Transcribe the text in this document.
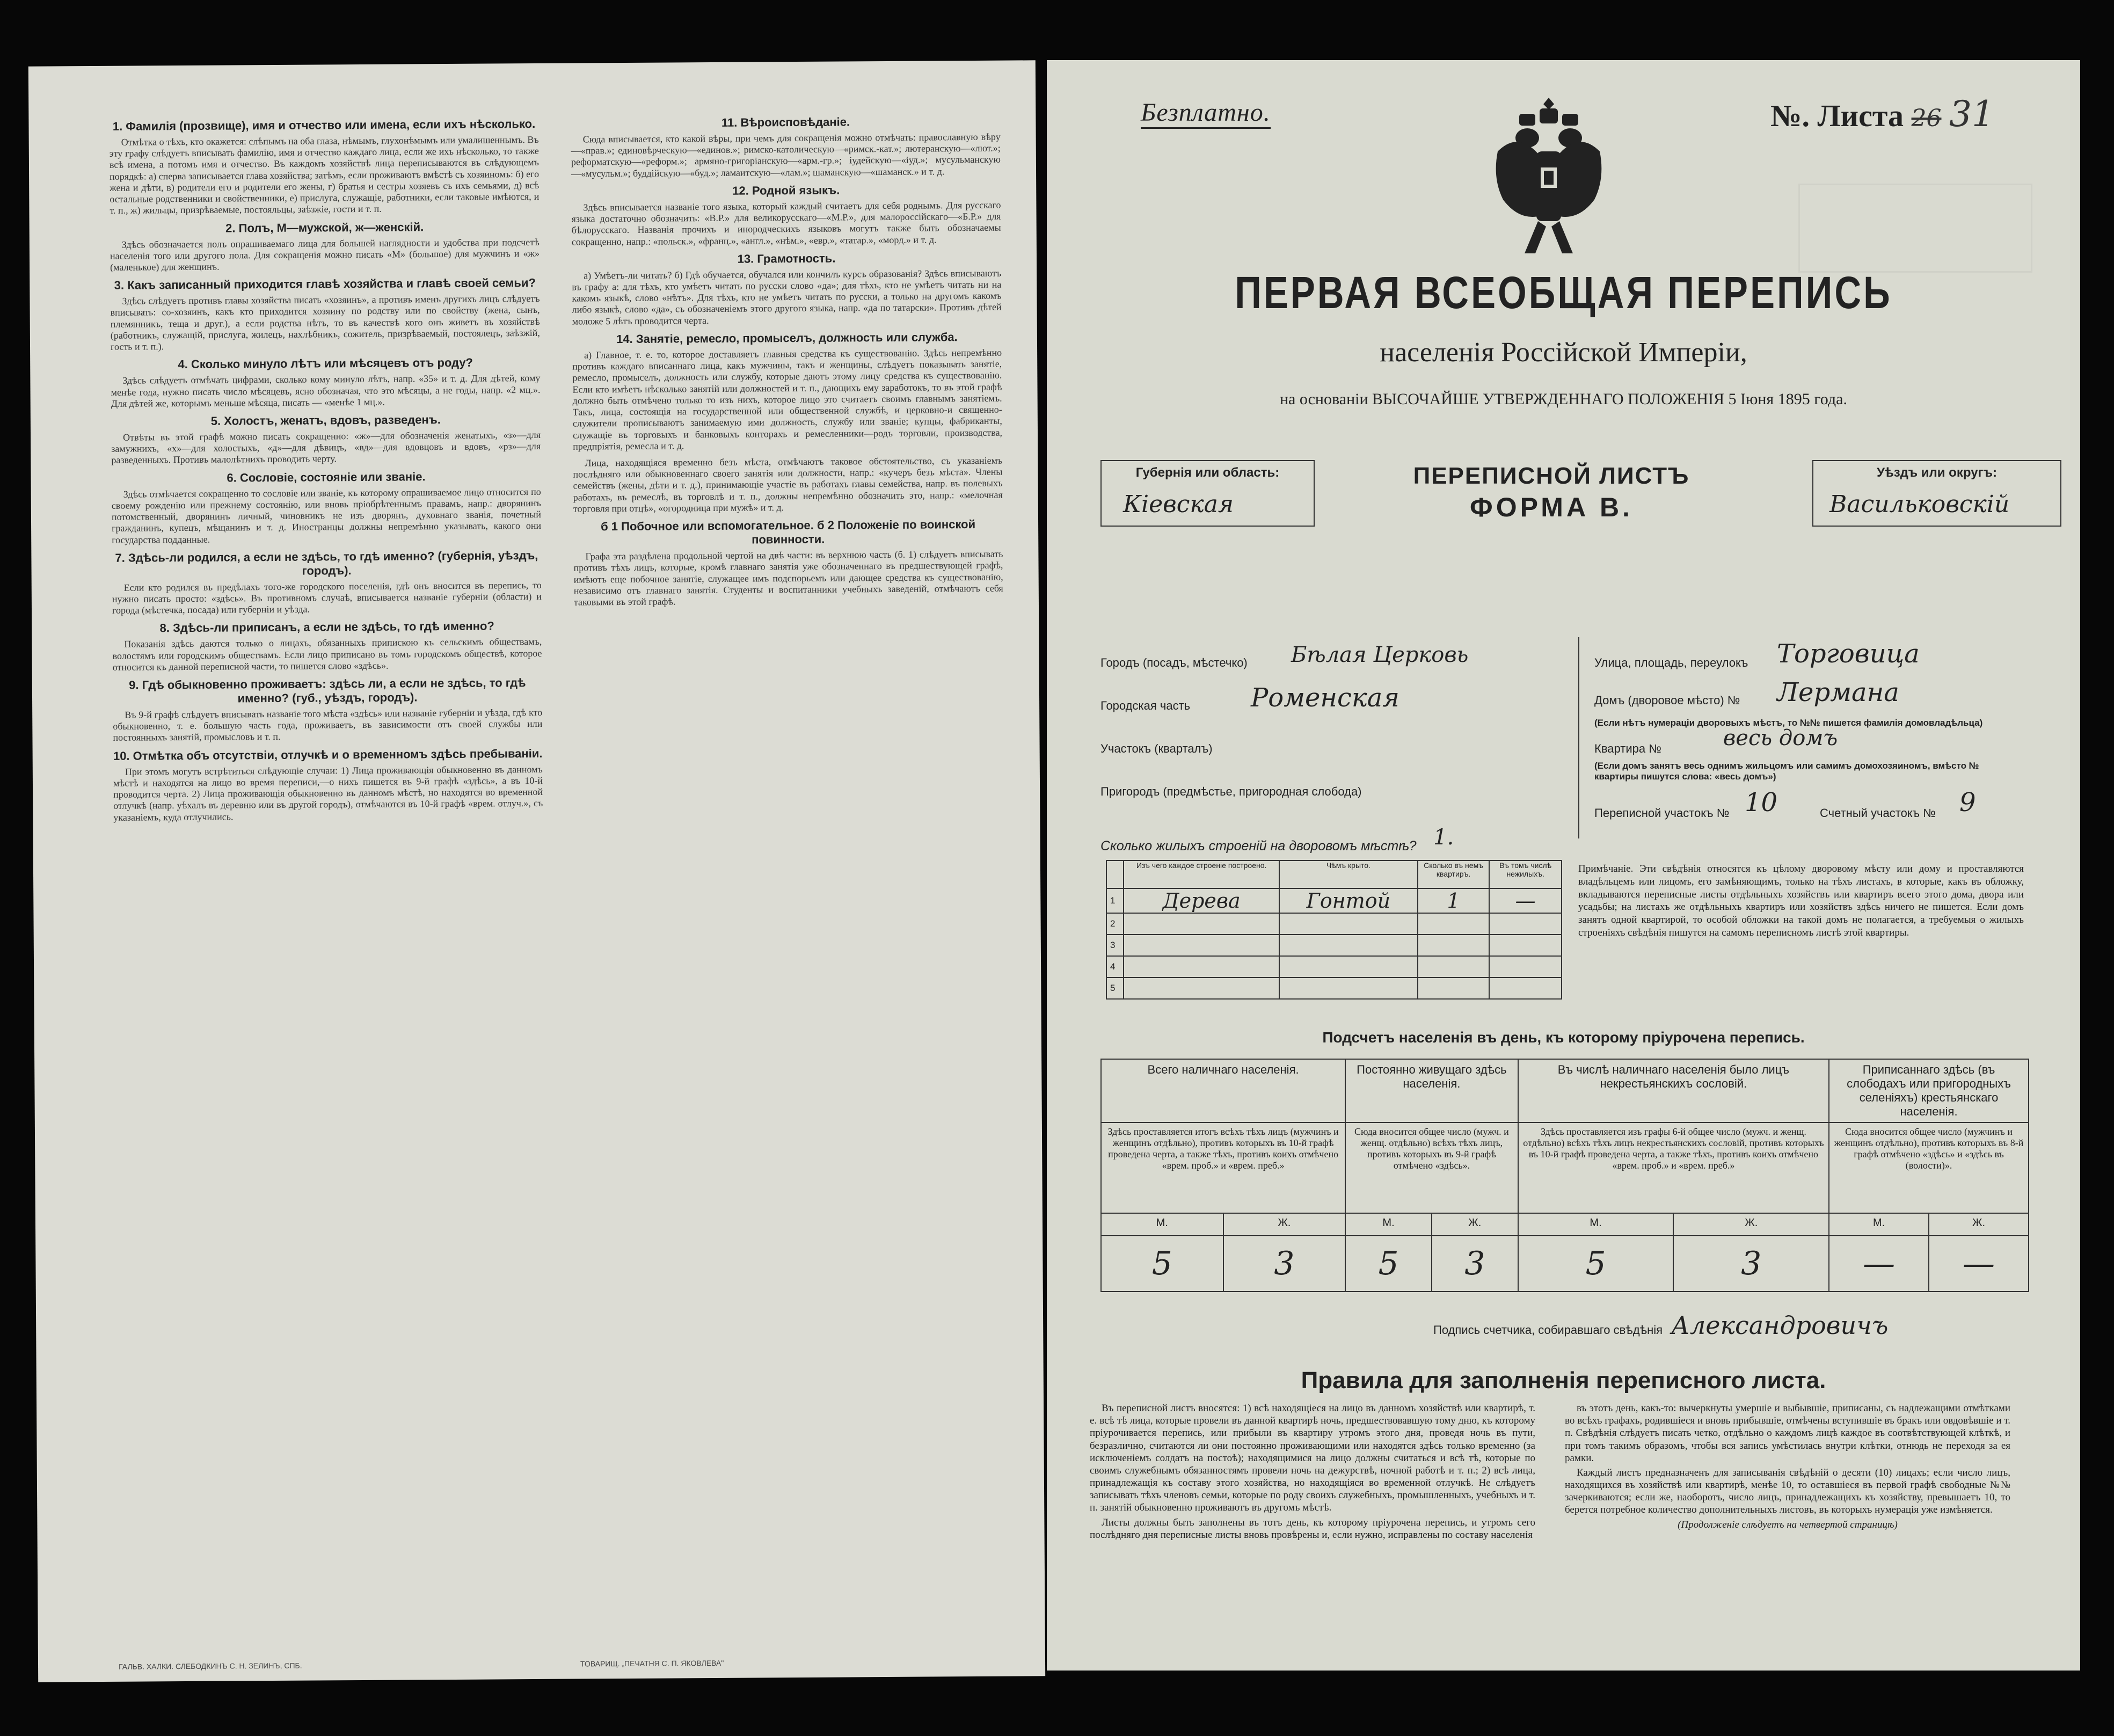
1. Фамилія (прозвище), имя и отчество или имена, если ихъ нѣсколько.

Отмѣтка о тѣхъ, кто окажется: слѣпымъ на оба глаза, нѣмымъ, глухонѣмымъ или умалишеннымъ. Въ эту графу слѣдуетъ вписывать фамилію, имя и отчество каждаго лица, если же ихъ нѣсколько, то также всѣ имена, а потомъ имя и отчество. Въ каждомъ хозяйствѣ лица переписываются въ слѣдующемъ порядкѣ: а) сперва записывается глава хозяйства; затѣмъ, если проживаютъ вмѣстѣ съ хозяиномъ: б) его жена и дѣти, в) родители его и родители его жены, г) братья и сестры хозяевъ съ ихъ семьями, д) всѣ остальные родственники и свойственники, е) прислуга, служащіе, работники, если таковые имѣются, и т. п., ж) жильцы, призрѣваемые, постояльцы, заѣзжіе, гости и т. п.

2. Полъ, М—мужской, ж—женскій.

Здѣсь обозначается полъ опрашиваемаго лица для большей наглядности и удобства при подсчетѣ населенія того или другого пола. Для сокращенія можно писать «М» (большое) для мужчинъ и «ж» (маленькое) для женщинъ.

3. Какъ записанный приходится главѣ хозяйства и главѣ своей семьи?

Здѣсь слѣдуетъ противъ главы хозяйства писать «хозяинъ», а противъ именъ другихъ лицъ слѣдуетъ вписывать: со-хозяинъ, какъ кто приходится хозяину по родству или по свойству (жена, сынъ, племянникъ, теща и друг.), а если родства нѣтъ, то въ качествѣ кого онъ живетъ въ хозяйствѣ (работникъ, служащій, прислуга, жилецъ, нахлѣбникъ, сожитель, призрѣваемый, постоялецъ, заѣзжій, гость и т. п.).

4. Сколько минуло лѣтъ или мѣсяцевъ отъ роду?

Здѣсь слѣдуетъ отмѣчать цифрами, сколько кому минуло лѣтъ, напр. «35» и т. д. Для дѣтей, кому менѣе года, нужно писать число мѣсяцевъ, ясно обозначая, что это мѣсяцы, а не годы, напр. «2 мц.». Для дѣтей же, которымъ меньше мѣсяца, писать — «менѣе 1 мц.».

5. Холостъ, женатъ, вдовъ, разведенъ.

Отвѣты въ этой графѣ можно писать сокращенно: «ж»—для обозначенія женатыхъ, «з»—для замужнихъ, «х»—для холостыхъ, «д»—для дѣвицъ, «вд»—для вдовцовъ и вдовъ, «рз»—для разведенныхъ. Противъ малолѣтнихъ проводить черту.

6. Сословіе, состояніе или званіе.

Здѣсь отмѣчается сокращенно то сословіе или званіе, къ которому опрашиваемое лицо относится по своему рожденію или прежнему состоянію, или вновь пріобрѣтеннымъ правамъ, напр.: дворянинъ потомственный, дворянинъ личный, чиновникъ не изъ дворянъ, духовнаго званія, почетный гражданинъ, купецъ, мѣщанинъ и т. д. Иностранцы должны непремѣнно указывать, какого они государства подданные.

7. Здѣсь-ли родился, а если не здѣсь, то гдѣ именно? (губернія, уѣздъ, городъ).

Если кто родился въ предѣлахъ того-же городского поселенія, гдѣ онъ вносится въ перепись, то нужно писать просто: «здѣсь». Въ противномъ случаѣ, вписывается названіе губерніи (области) и города (мѣстечка, посада) или губерніи и уѣзда.

8. Здѣсь-ли приписанъ, а если не здѣсь, то гдѣ именно?

Показанія здѣсь даются только о лицахъ, обязанныхъ припискою къ сельскимъ обществамъ, волостямъ или городскимъ обществамъ. Если лицо приписано въ томъ городскомъ обществѣ, которое относится къ данной переписной части, то пишется слово «здѣсь».

9. Гдѣ обыкновенно проживаетъ: здѣсь ли, а если не здѣсь, то гдѣ именно? (губ., уѣздъ, городъ).

Въ 9-й графѣ слѣдуетъ вписывать названіе того мѣста «здѣсь» или названіе губерніи и уѣзда, гдѣ кто обыкновенно, т. е. большую часть года, проживаетъ, въ зависимости отъ своей службы или постоянныхъ занятій, промысловъ и т. п.

10. Отмѣтка объ отсутствіи, отлучкѣ и о временномъ здѣсь пребываніи.

При этомъ могутъ встрѣтиться слѣдующіе случаи: 1) Лица проживающія обыкновенно въ данномъ мѣстѣ и находятся на лицо во время переписи,—о нихъ пишется въ 9-й графѣ «здѣсь», а въ 10-й проводится черта. 2) Лица проживающія обыкновенно въ данномъ мѣстѣ, но находятся во временной отлучкѣ (напр. уѣхалъ въ деревню или въ другой городъ), отмѣчаются въ 10-й графѣ «врем. отлуч.», съ указаніемъ, куда отлучились.

11. Вѣроисповѣданіе.

Сюда вписывается, кто какой вѣры, при чемъ для сокращенія можно отмѣчать: православную вѣру—«прав.»; единовѣрческую—«единов.»; римско-католическую—«римск.-кат.»; лютеранскую—«лют.»; реформатскую—«реформ.»; армяно-григоріанскую—«арм.-гр.»; іудейскую—«іуд.»; мусульманскую—«мусульм.»; буддійскую—«буд.»; ламаитскую—«лам.»; шаманскую—«шаманск.» и т. д.

12. Родной языкъ.

Здѣсь вписывается названіе того языка, который каждый считаетъ для себя роднымъ. Для русскаго языка достаточно обозначить: «В.Р.» для великорусскаго—«М.Р.», для малороссійскаго—«Б.Р.» для бѣлорусскаго. Названія прочихъ и инородческихъ языковъ могутъ также быть обозначаемы сокращенно, напр.: «польск.», «франц.», «англ.», «нѣм.», «евр.», «татар.», «морд.» и т. д.

13. Грамотность.

а) Умѣетъ-ли читать? б) Гдѣ обучается, обучался или кончилъ курсъ образованія? Здѣсь вписываютъ въ графу а: для тѣхъ, кто умѣетъ читать по русски слово «да»; для тѣхъ, кто не умѣетъ читать ни на какомъ языкѣ, слово «нѣтъ». Для тѣхъ, кто не умѣетъ читать по русски, а только на другомъ какомъ либо языкѣ, слово «да», съ обозначеніемъ этого другого языка, напр. «да по татарски». Противъ дѣтей моложе 5 лѣтъ проводится черта.

14. Занятіе, ремесло, промыселъ, должность или служба.

а) Главное, т. е. то, которое доставляетъ главныя средства къ существованію. Здѣсь непремѣнно противъ каждаго вписаннаго лица, какъ мужчины, такъ и женщины, слѣдуетъ показывать занятіе, ремесло, промыселъ, должность или службу, которые даютъ этому лицу средства къ существованію. Если кто имѣетъ нѣсколько занятій или должностей и т. п., дающихъ ему заработокъ, то въ этой графѣ должно быть отмѣчено только то изъ нихъ, которое лицо это считаетъ своимъ главнымъ занятіемъ. Такъ, лица, состоящія на государственной или общественной службѣ, и церковно-и священно-служители прописываютъ занимаемую ими должность, службу или званіе; купцы, фабриканты, служащіе въ торговыхъ и банковыхъ конторахъ и ремесленники—родъ торговли, производства, предпріятія, ремесла и т. д.

Лица, находящіяся временно безъ мѣста, отмѣчаютъ таковое обстоятельство, съ указаніемъ послѣдняго или обыкновеннаго своего занятія или должности, напр.: «кучеръ безъ мѣста». Члены семействъ (жены, дѣти и т. д.), принимающіе участіе въ работахъ главы семейства, напр. въ полевыхъ работахъ, въ ремеслѣ, въ торговлѣ и т. п., должны непремѣнно обозначить это, напр.: «мелочная торговля при отцѣ», «огородница при мужѣ» и т. д.

б 1 Побочное или вспомогательное. б 2 Положеніе по воинской повинности.

Графа эта раздѣлена продольной чертой на двѣ части: въ верхнюю часть (б. 1) слѣдуетъ вписывать противъ тѣхъ лицъ, которые, кромѣ главнаго занятія уже обозначеннаго въ предшествующей графѣ, имѣютъ еще побочное занятіе, служащее имъ подспорьемъ или дающее средства къ существованію, независимо отъ главнаго занятія. Студенты и воспитанники учебныхъ заведеній, отмѣчаютъ себя таковыми въ этой графѣ.

ГАЛЬВ. ХАЛКИ. СЛЕБОДКИНЪ С. Н. ЗЕЛИНЪ, СПБ.	ТОВАРИЩ. „ПЕЧАТНЯ С. П. ЯКОВЛЕВА"
Безплатно.	№. Листа 26 31
ПЕРВАЯ ВСЕОБЩАЯ ПЕРЕПИСЬ
населенія Россійской Имперіи,
на основаніи ВЫСОЧАЙШЕ УТВЕРЖДЕННАГО ПОЛОЖЕНІЯ 5 Іюня 1895 года.
Губернія или область:
Кіевская
ПЕРЕПИСНОЙ ЛИСТЪ
ФОРМА В.
Уѣздъ или округъ:
Васильковскій
Городъ (посадъ, мѣстечко) Бѣлая Церковь
Городская часть Роменская
Участокъ (кварталъ)
Пригородъ (предмѣстье, пригородная слобода)
Улица, площадь, переулокъ Торговица
Домъ (дворовое мѣсто) № Лермана
(Если нѣтъ нумераціи дворовыхъ мѣстъ, то №№ пишется фамилія домовладѣльца)
Квартира №	весь домъ
(Если домъ занятъ весь однимъ жильцомъ или самимъ домохозяиномъ, вмѣсто № квартиры пишутся слова: «весь домъ»)
Переписной участокъ № 10	Счетный участокъ № 9
Сколько жилыхъ строеній на дворовомъ мѣстѣ? 1.
	Изъ чего каждое строеніе построено.	Чѣмъ крыто.	Сколько въ немъ квартиръ.	Въ томъ числѣ нежилыхъ.
1	Дерева	Гонтой	1	—
2				
3				
4				
5				
Примѣчаніе. Эти свѣдѣнія относятся къ цѣлому дворовому мѣсту или дому и проставляются владѣльцемъ или лицомъ, его замѣняющимъ, только на тѣхъ листахъ, в которые, какъ въ обложку, вкладываются переписные листы отдѣльныхъ хозяйствъ или квартиръ всего этого дома, двора или усадьбы; на листахъ же отдѣльныхъ квартиръ или хозяйствъ здѣсь ничего не пишется. Если домъ занятъ одной квартирой, то особой обложки на такой домъ не полагается, а требуемыя о жилыхъ строеніяхъ свѣдѣнія пишутся на самомъ переписномъ листѣ этой квартиры.
Подсчетъ населенія въ день, къ которому пріурочена перепись.
Всего наличнаго населенія.		Постоянно живущаго здѣсь населенія.		Въ числѣ наличнаго населенія было лицъ некрестьянскихъ сословій.		Приписаннаго здѣсь (въ слободахъ или пригородныхъ селеніяхъ) крестьянскаго населенія.	
Здѣсь проставляется итогъ всѣхъ тѣхъ лицъ (мужчинъ и женщинъ отдѣльно), противъ которыхъ въ 10-й графѣ проведена черта, а также тѣхъ, противъ коихъ отмѣчено «врем. проб.» и «врем. преб.»		Сюда вносится общее число (мужч. и женщ. отдѣльно) всѣхъ тѣхъ лицъ, противъ которыхъ въ 9-й графѣ отмѣчено «здѣсь».		Здѣсь проставляется изъ графы 6-й общее число (мужч. и женщ. отдѣльно) всѣхъ тѣхъ лицъ некрестьянскихъ сословій, противъ которыхъ въ 10-й графѣ проведена черта, а также тѣхъ, противъ коихъ отмѣчено «врем. проб.» и «врем. преб.»		Сюда вносится общее число (мужчинъ и женщинъ отдѣльно), противъ которыхъ въ 8-й графѣ отмѣчено «здѣсь» и «здѣсь въ (волости)».	
М.	Ж.	М.	Ж.	М.	Ж.	М.	Ж.
5	3	5	3	5	3	—	—
Подпись счетчика, собиравшаго свѣдѣнія Александровичъ
Правила для заполненія переписного листа.

Въ переписной листъ вносятся: 1) всѣ находящіеся на лицо въ данномъ хозяйствѣ или квартирѣ, т. е. всѣ тѣ лица, которые провели въ данной квартирѣ ночь, предшествовавшую тому дню, къ которому пріурочивается перепись, или прибыли въ квартиру утромъ этого дня, проведя ночь въ пути, безразлично, считаются ли они постоянно проживающими или находятся здѣсь только временно (за исключеніемъ солдатъ на постоѣ); находящимися на лицо должны считаться и всѣ тѣ, которые по своимъ служебнымъ обязанностямъ провели ночь на дежурствѣ, ночной работѣ и т. п.; 2) всѣ лица, принадлежащія къ составу этого хозяйства, но находящіяся во временной отлучкѣ. Не слѣдуетъ записывать тѣхъ членовъ семьи, которые по роду своихъ служебныхъ, промышленныхъ, учебныхъ и т. п. занятій обыкновенно проживаютъ въ другомъ мѣстѣ.

Листы должны быть заполнены въ тотъ день, къ которому пріурочена перепись, и утромъ сего послѣдняго дня переписные листы вновь провѣрены и, если нужно, исправлены по составу населенія

въ этотъ день, какъ-то: вычеркнуты умершіе и выбывшіе, приписаны, съ надлежащими отмѣтками во всѣхъ графахъ, родившіеся и вновь прибывшіе, отмѣчены вступившіе въ бракъ или овдовѣвшіе и т. п. Свѣдѣнія слѣдуетъ писать четко, отдѣльно о каждомъ лицѣ каждое въ соотвѣтствующей клѣткѣ, и при томъ такимъ образомъ, чтобы вся запись умѣстилась внутри клѣтки, отнюдь не переходя за ея рамки.

Каждый листъ предназначенъ для записыванія свѣдѣній о десяти (10) лицахъ; если число лицъ, находящихся въ хозяйствѣ или квартирѣ, менѣе 10, то оставшіеся въ первой графѣ свободные №№ зачеркиваются; если же, наоборотъ, число лицъ, принадлежащихъ къ хозяйству, превышаетъ 10, то берется потребное количество дополнительныхъ листовъ, въ которыхъ нумерація уже измѣняется.

(Продолженіе слѣдуетъ на четвертой страницѣ)
